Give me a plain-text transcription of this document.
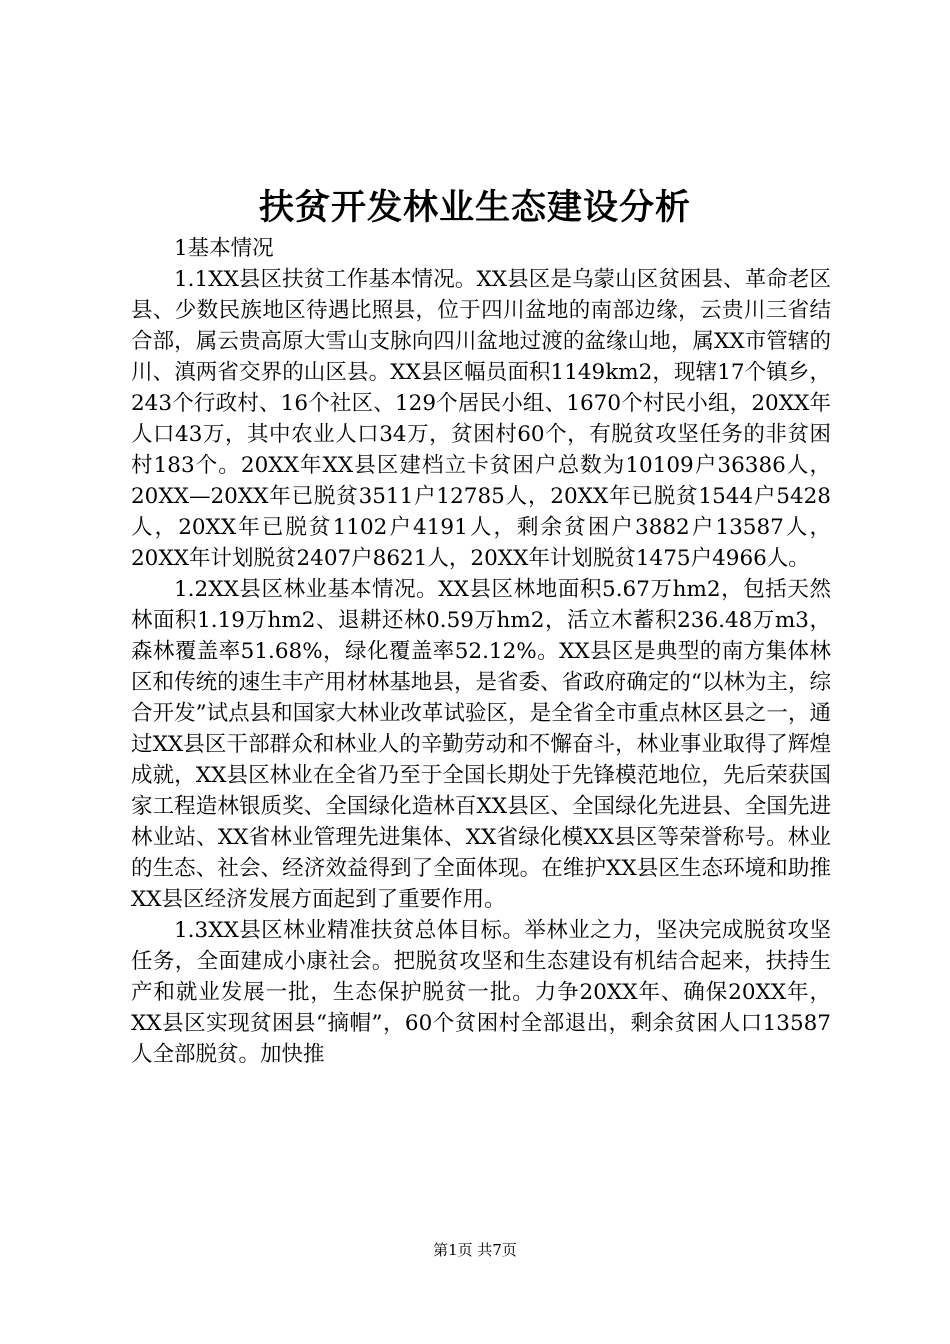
扶贫开发林业生态建设分析

1基本情况

1.1XX县区扶贫工作基本情况。XX县区是乌蒙山区贫困县、革命老区县、少数民族地区待遇比照县，位于四川盆地的南部边缘，云贵川三省结合部，属云贵高原大雪山支脉向四川盆地过渡的盆缘山地，属XX市管辖的川、滇两省交界的山区县。XX县区幅员面积1149km2，现辖17个镇乡，243个行政村、16个社区、129个居民小组、1670个村民小组，20XX年人口43万，其中农业人口34万，贫困村60个，有脱贫攻坚任务的非贫困村183个。20XX年XX县区建档立卡贫困户总数为10109户36386人，20XX—20XX年已脱贫3511户12785人，20XX年已脱贫1544户5428人，20XX年已脱贫1102户4191人，剩余贫困户3882户13587人，20XX年计划脱贫2407户8621人，20XX年计划脱贫1475户4966人。

1.2XX县区林业基本情况。XX县区林地面积5.67万hm2，包括天然林面积1.19万hm2、退耕还林0.59万hm2，活立木蓄积236.48万m3，森林覆盖率51.68%，绿化覆盖率52.12%。XX县区是典型的南方集体林区和传统的速生丰产用材林基地县，是省委、省政府确定的“以林为主，综合开发”试点县和国家大林业改革试验区，是全省全市重点林区县之一，通过XX县区干部群众和林业人的辛勤劳动和不懈奋斗，林业事业取得了辉煌成就，XX县区林业在全省乃至于全国长期处于先锋模范地位，先后荣获国家工程造林银质奖、全国绿化造林百XX县区、全国绿化先进县、全国先进林业站、XX省林业管理先进集体、XX省绿化模XX县区等荣誉称号。林业的生态、社会、经济效益得到了全面体现。在维护XX县区生态环境和助推XX县区经济发展方面起到了重要作用。

1.3XX县区林业精准扶贫总体目标。举林业之力，坚决完成脱贫攻坚任务，全面建成小康社会。把脱贫攻坚和生态建设有机结合起来，扶持生产和就业发展一批，生态保护脱贫一批。力争20XX年、确保20XX年，XX县区实现贫困县“摘帽”，60个贫困村全部退出，剩余贫困人口13587人全部脱贫。加快推

第1页 共7页
